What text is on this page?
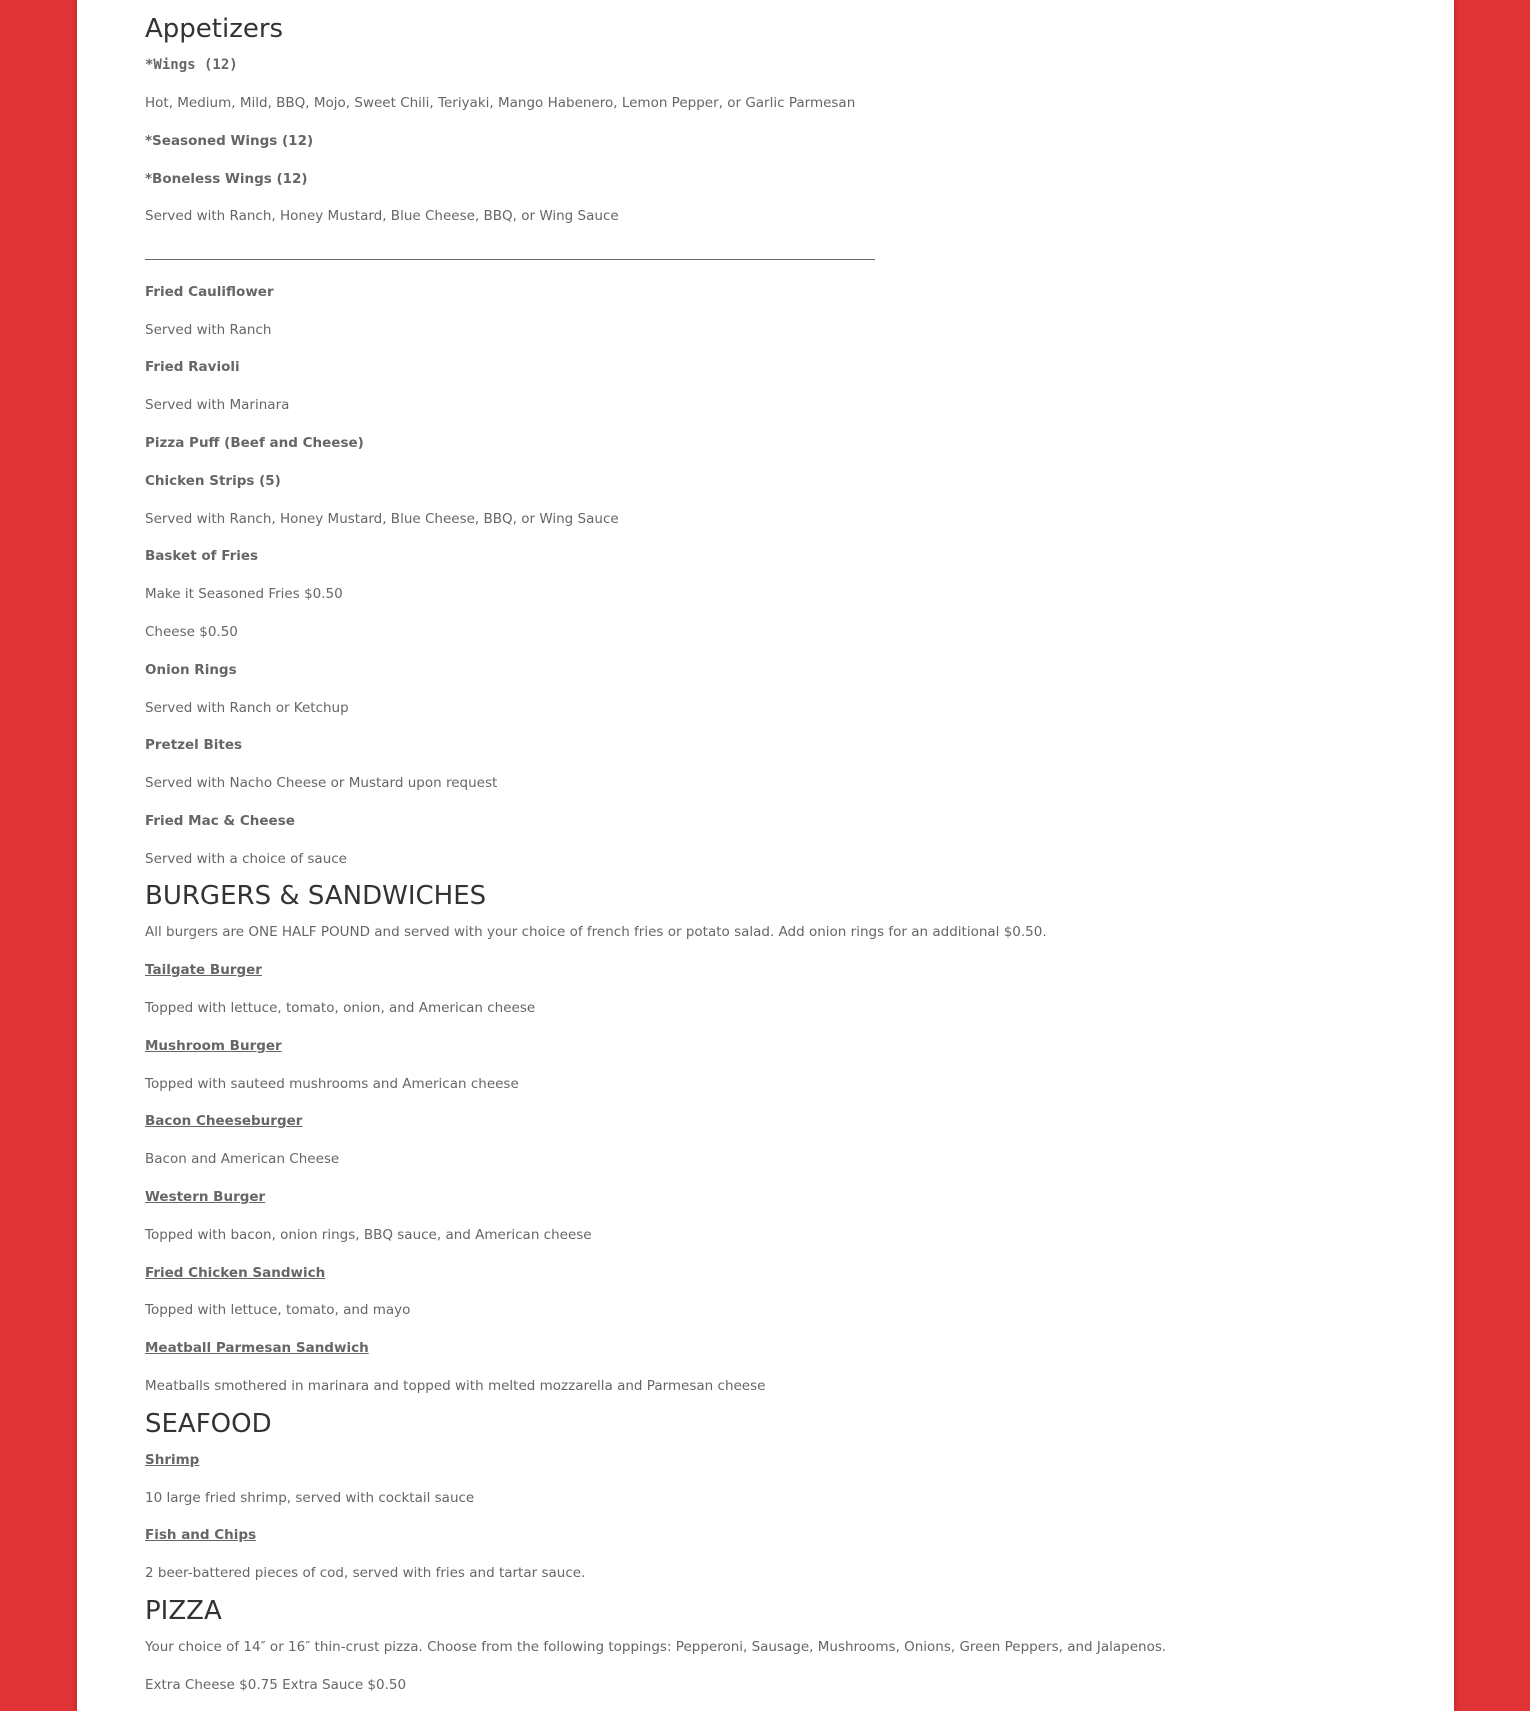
Appetizers
*Wings (12)
Hot, Medium, Mild, BBQ, Mojo, Sweet Chili, Teriyaki, Mango Habenero, Lemon Pepper, or Garlic Parmesan
*Seasoned Wings (12)
*Boneless Wings (12)
Served with Ranch, Honey Mustard, Blue Cheese, BBQ, or Wing Sauce
Fried Cauliflower
Served with Ranch
Fried Ravioli
Served with Marinara
Pizza Puff (Beef and Cheese)
Chicken Strips (5)
Served with Ranch, Honey Mustard, Blue Cheese, BBQ, or Wing Sauce
Basket of Fries
Make it Seasoned Fries $0.50
Cheese $0.50
Onion Rings
Served with Ranch or Ketchup
Pretzel Bites
Served with Nacho Cheese or Mustard upon request
Fried Mac & Cheese
Served with a choice of sauce
BURGERS & SANDWICHES
All burgers are ONE HALF POUND and served with your choice of french fries or potato salad. Add onion rings for an additional $0.50.
Tailgate Burger
Topped with lettuce, tomato, onion, and American cheese
Mushroom Burger
Topped with sauteed mushrooms and American cheese
Bacon Cheeseburger
Bacon and American Cheese
Western Burger
Topped with bacon, onion rings, BBQ sauce, and American cheese
Fried Chicken Sandwich
Topped with lettuce, tomato, and mayo
Meatball Parmesan Sandwich
Meatballs smothered in marinara and topped with melted mozzarella and Parmesan cheese
SEAFOOD
Shrimp
10 large fried shrimp, served with cocktail sauce
Fish and Chips
2 beer-battered pieces of cod, served with fries and tartar sauce.
PIZZA
Your choice of 14″ or 16″ thin-crust pizza. Choose from the following toppings: Pepperoni, Sausage, Mushrooms, Onions, Green Peppers, and Jalapenos.
Extra Cheese $0.75 Extra Sauce $0.50
